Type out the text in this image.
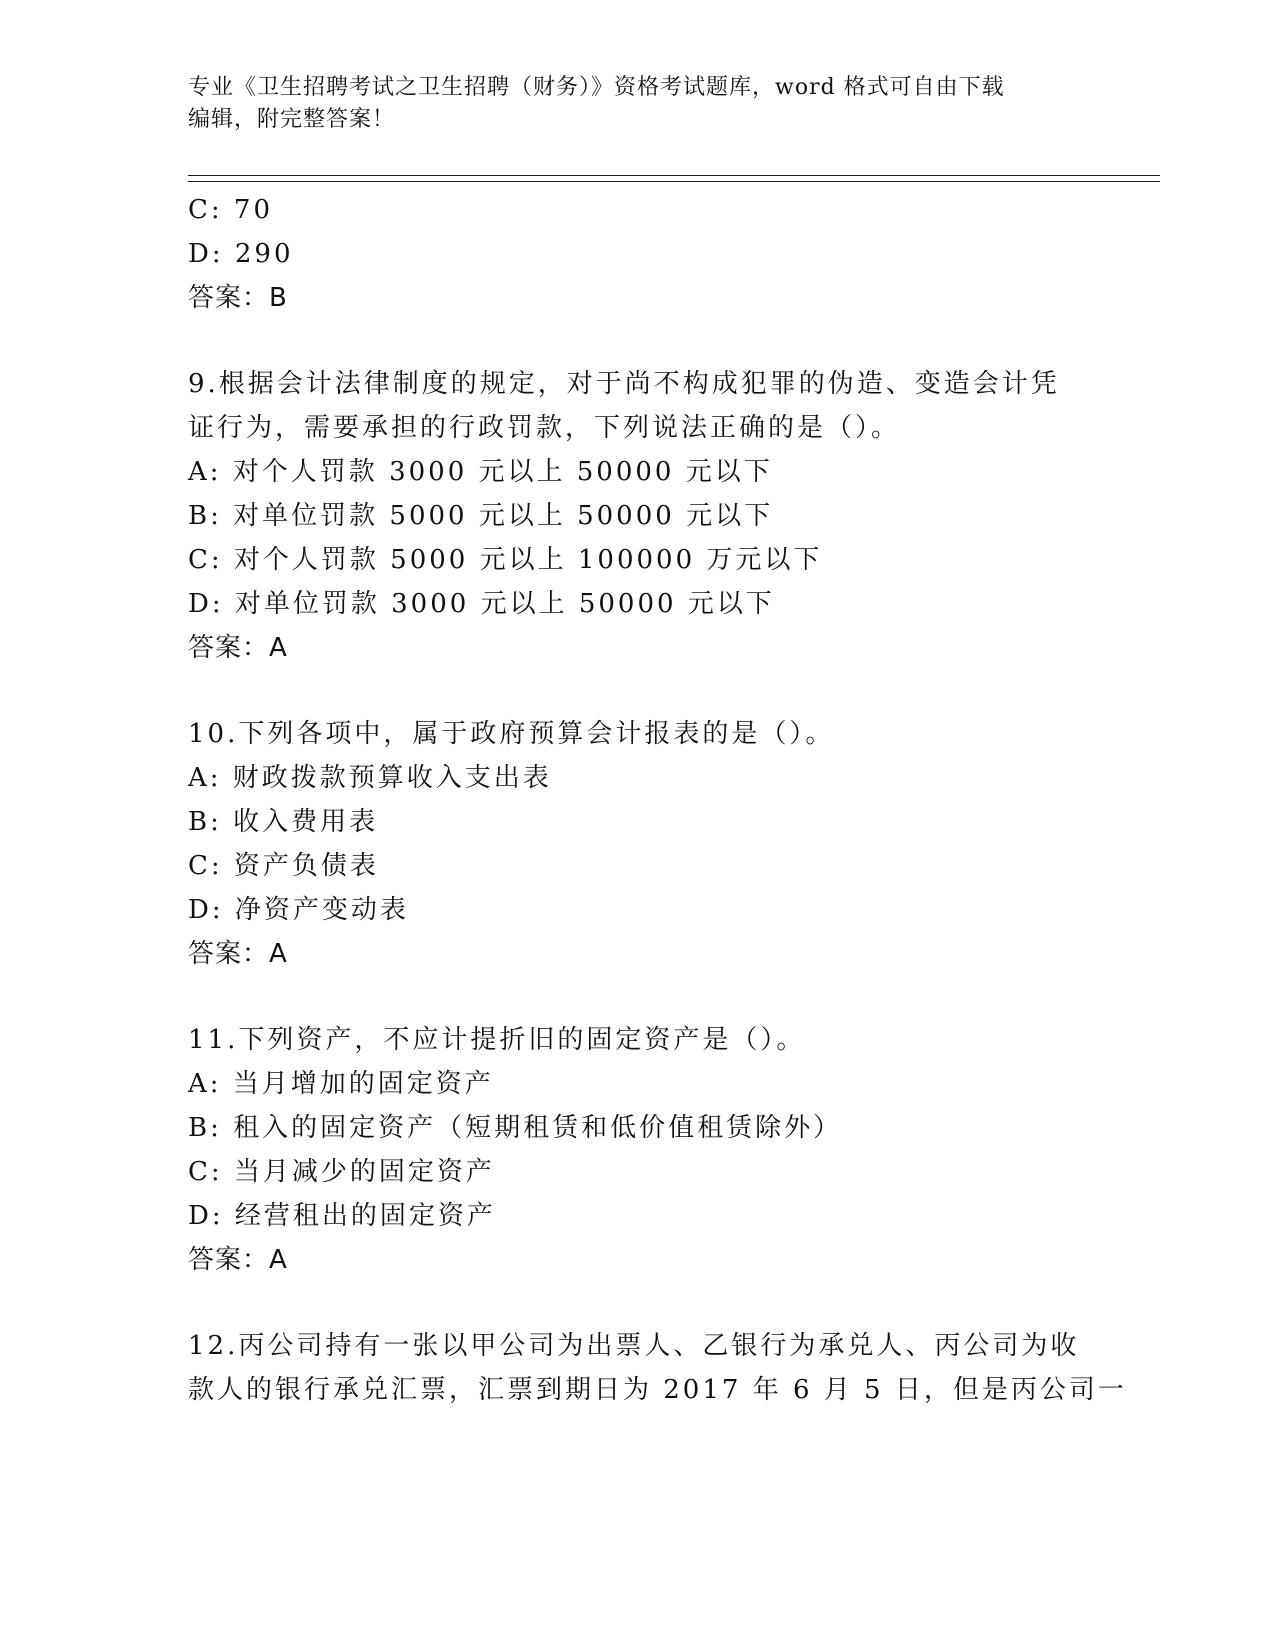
专业《卫生招聘考试之卫生招聘（财务）》资格考试题库，word 格式可自由下载
编辑，附完整答案！
C: 70
D: 290
答案：B
9.根据会计法律制度的规定，对于尚不构成犯罪的伪造、变造会计凭
证行为，需要承担的行政罚款，下列说法正确的是（）。
A: 对个人罚款 3000 元以上 50000 元以下
B: 对单位罚款 5000 元以上 50000 元以下
C: 对个人罚款 5000 元以上 100000 万元以下
D: 对单位罚款 3000 元以上 50000 元以下
答案：A
10.下列各项中，属于政府预算会计报表的是（）。
A: 财政拨款预算收入支出表
B: 收入费用表
C: 资产负债表
D: 净资产变动表
答案：A
11.下列资产，不应计提折旧的固定资产是（）。
A: 当月增加的固定资产
B: 租入的固定资产（短期租赁和低价值租赁除外）
C: 当月减少的固定资产
D: 经营租出的固定资产
答案：A
12.丙公司持有一张以甲公司为出票人、乙银行为承兑人、丙公司为收
款人的银行承兑汇票，汇票到期日为 2017 年 6 月 5 日，但是丙公司一
